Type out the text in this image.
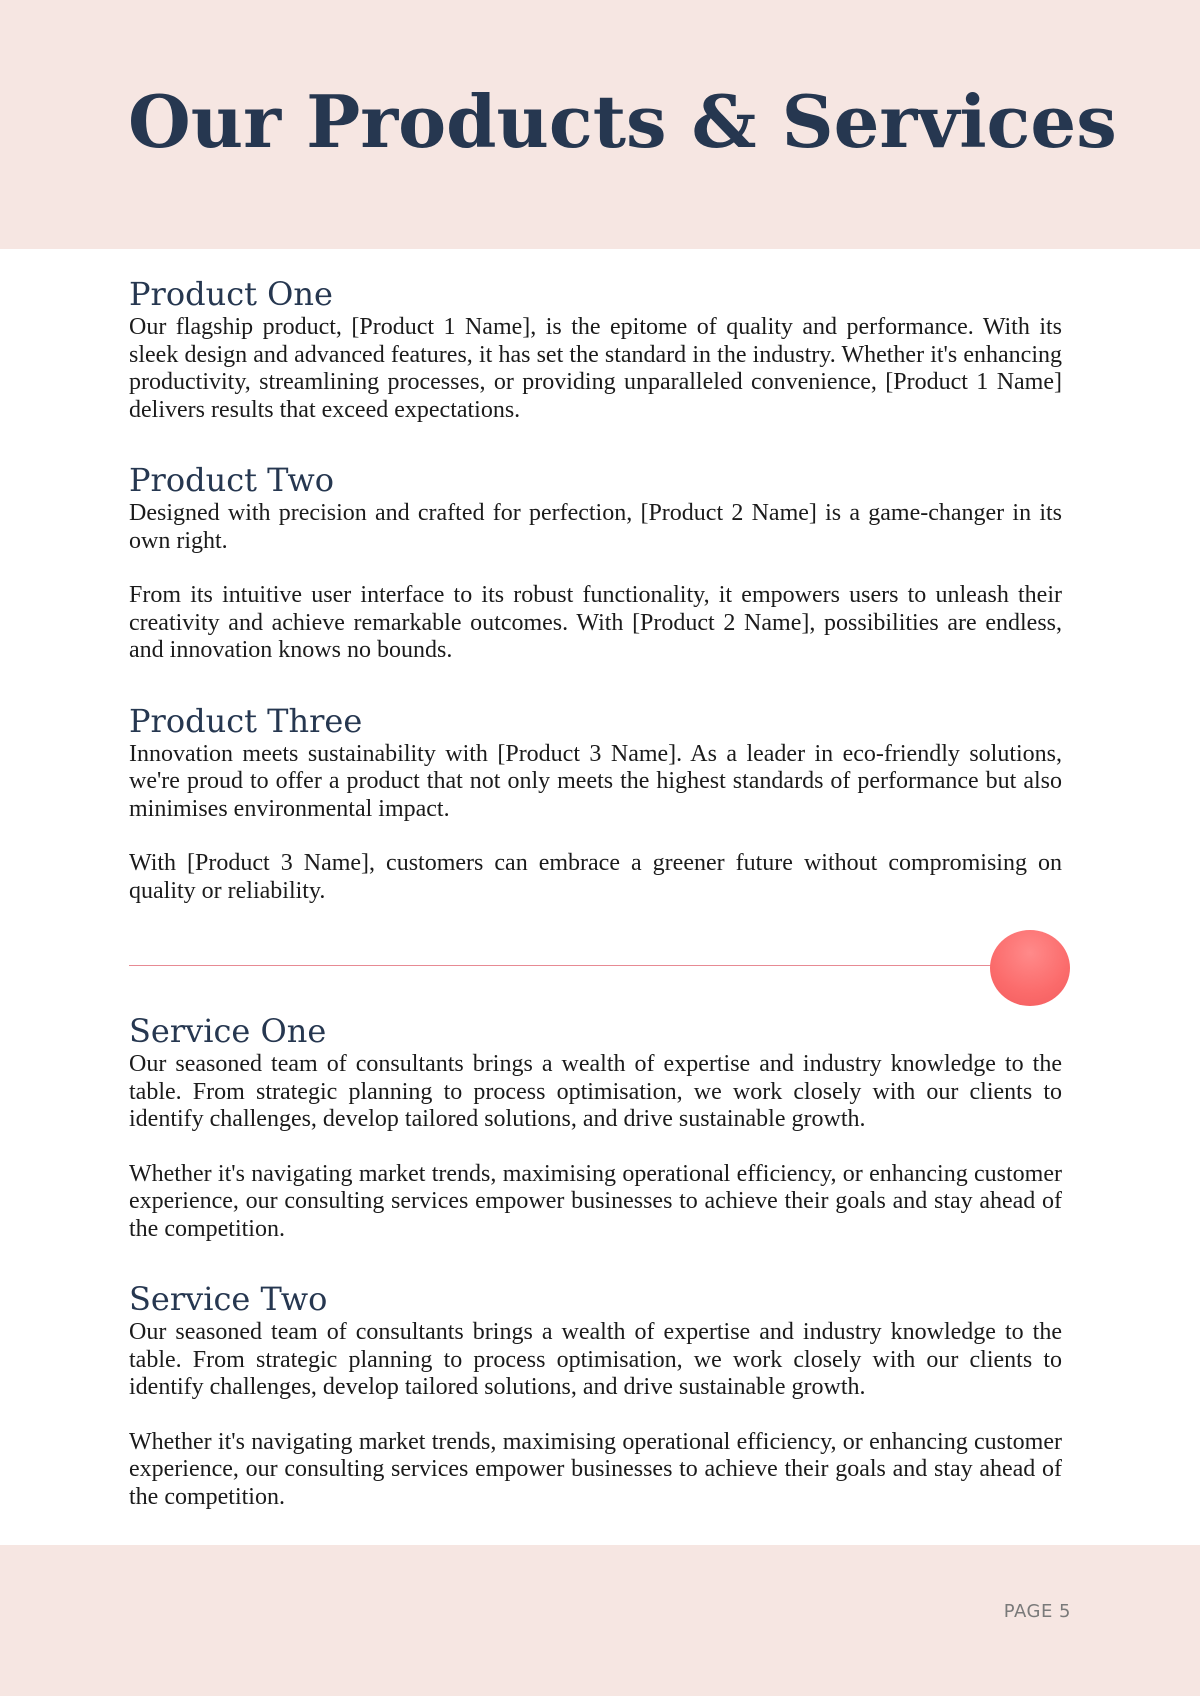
Our Products & Services
Product One

Our flagship product, [Product 1 Name], is the epitome of quality and performance. With its sleek design and advanced features, it has set the standard in the industry. Whether it's enhancing productivity, streamlining processes, or providing unparalleled convenience, [Product 1 Name] delivers results that exceed expectations.

Product Two

Designed with precision and crafted for perfection, [Product 2 Name] is a game-changer in its own right.

From its intuitive user interface to its robust functionality, it empowers users to unleash their creativity and achieve remarkable outcomes. With [Product 2 Name], possibilities are endless, and innovation knows no bounds.

Product Three

Innovation meets sustainability with [Product 3 Name]. As a leader in eco-friendly solutions, we're proud to offer a product that not only meets the highest standards of performance but also minimises environmental impact.

With [Product 3 Name], customers can embrace a greener future without compromising on quality or reliability.

Service One

Our seasoned team of consultants brings a wealth of expertise and industry knowledge to the table. From strategic planning to process optimisation, we work closely with our clients to identify challenges, develop tailored solutions, and drive sustainable growth.

Whether it's navigating market trends, maximising operational efficiency, or enhancing customer experience, our consulting services empower businesses to achieve their goals and stay ahead of the competition.

Service Two

Our seasoned team of consultants brings a wealth of expertise and industry knowledge to the table. From strategic planning to process optimisation, we work closely with our clients to identify challenges, develop tailored solutions, and drive sustainable growth.

Whether it's navigating market trends, maximising operational efficiency, or enhancing customer experience, our consulting services empower businesses to achieve their goals and stay ahead of the competition.

PAGE 5
